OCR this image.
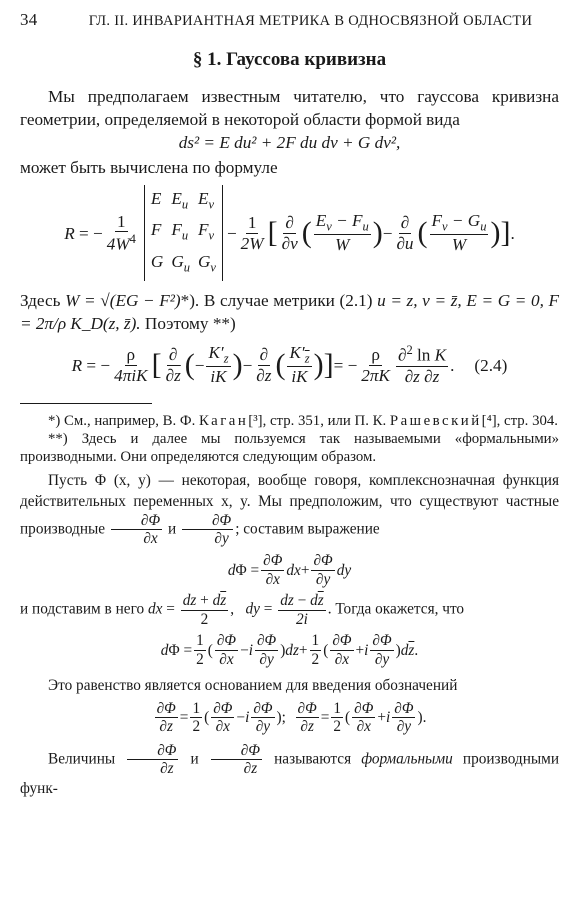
34	ГЛ. II. ИНВАРИАНТНАЯ МЕТРИКА В ОДНОСВЯЗНОЙ ОБЛАСТИ
§ 1. Гауссова кривизна

Мы предполагаем известным читателю, что гауссова кривизна геометрии, определяемой в некоторой области формой вида

ds² = E du² + 2F du dv + G dv²,

может быть вычислена по формуле

R = −
1
$4W^4$
E $E_u$ $E_v$
F $F_u$ $F_v$
G $G_u$ $G_v$
−
1
2W [ ∂
∂v ( $E_v - F_u$
W ) −
∂
∂u ( $F_v - G_u$
W ) ] .

Здесь W = √(EG − F²)*). В случае метрики (2.1) u = z, v = z̄, E = G = 0, F = 2π/ρ K_D(z, z̄). Поэтому **)

R = −
ρ
4πiK [ ∂
$\partial\overline{z}$ ( −
$K'_z$
iK ) −
∂
∂z ( $K'_{\overline{z}}$
iK ) ] = −
ρ
2πK
∂$^2$ ln K
∂z $\partial\overline{z}$
. (2.4)

*) См., например, В. Ф. Каган[³], стр. 351, или П. К. Рашевский[⁴], стр. 304.

**) Здесь и далее мы пользуемся так называемыми «формальными» производными. Они определяются следующим образом.

Пусть Φ (x, y) — некоторая, вообще говоря, комплекснозначная функция действительных переменных x, y. Мы предположим, что существуют частные производные $\frac{\partial\Phi}{\partial x}$ и $\frac{\partial\Phi}{\partial y}$ ; составим выражение

d Φ =
∂Φ
∂x
dx +
∂Φ
∂y
dy

и подставим в него dx = $\frac{dz + d\overline{z}}{2}$ ,   dy = $\frac{dz - d\overline{z}}{2i}$ . Тогда окажется, что

d Φ =
1
2
(
∂Φ
∂x
− i
∂Φ
∂y
) dz +
1
2
(
∂Φ
∂x
+ i
∂Φ
∂y
) $d\overline{z}$ .

Это равенство является основанием для введения обозначений

∂Φ
∂z
=
1
2
(
∂Φ
∂x
− i
∂Φ
∂y
);
∂Φ
$\partial\overline{z}$
=
1
2
(
∂Φ
∂x
+ i
∂Φ
∂y
).

Величины $\frac{\partial\Phi}{\partial z}$ и $\frac{\partial\Phi}{\partial\overline{z}}$ называются формальными производными функ-
